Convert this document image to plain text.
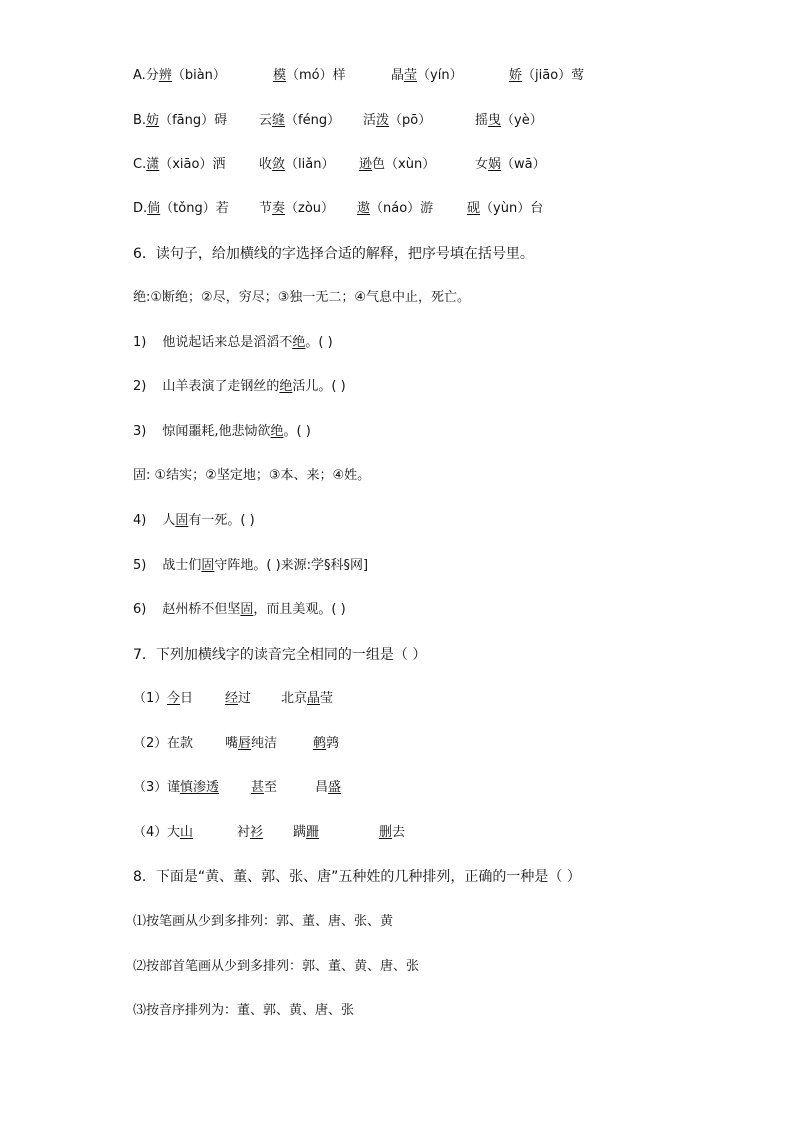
A.分辨（biàn）	模（mó）样	晶莹（yín）	娇（jiāo）莺
B.妨（fāng）碍 云缝（féng） 活泼（pō）	摇曳（yè）
C.潇（xiāo）洒	收敛（liǎn） 逊色（xùn）	女娲（wā）
D.倘（tǒng）若 节奏（zòu） 遨（náo）游	砚（yùn）台
6．读句子，给加横线的字选择合适的解释，把序号填在括号里。
绝:①断绝；②尽，穷尽；③独一无二；④气息中止，死亡。
1) 他说起话来总是滔滔不绝。( )
2) 山羊表演了走钢丝的绝活儿。( )
3) 惊闻噩耗,他悲恸欲绝。( )
固: ①结实；②坚定地；③本、来；④姓。
4) 人固有一死。( )
5) 战士们固守阵地。( )来源:学§科§网]
6) 赵州桥不但坚固，而且美观。( )
7．下列加横线字的读音完全相同的一组是（ ）
（1） 今日 经过 北京晶莹
（2） 在款 嘴唇纯洁	鹌鹑
（3） 谨慎渗透 甚至	昌盛
（4） 大山	衬衫 蹒跚	删去
8．下面是“黄、董、郭、张、唐”五种姓的几种排列，正确的一种是（ ）
⑴按笔画从少到多排列：郭、董、唐、张、黄
⑵按部首笔画从少到多排列：郭、董、黄、唐、张
⑶按音序排列为：董、郭、黄、唐、张
